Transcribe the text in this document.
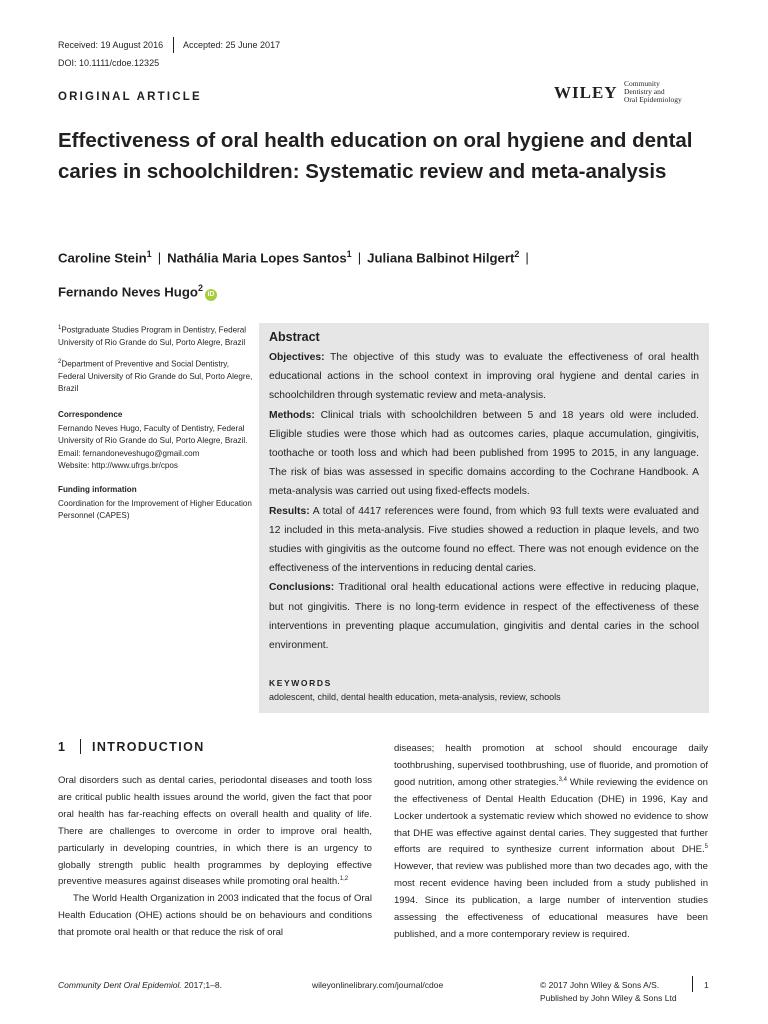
Received: 19 August 2016 Accepted: 25 June 2017
DOI: 10.1111/cdoe.12325
ORIGINAL ARTICLE	WILEY Community
Dentistry and
Oral Epidemiology
Effectiveness of oral health education on oral hygiene and dental caries in schoolchildren: Systematic review and meta-analysis
Caroline Stein$^1$ | Nathália Maria Lopes Santos$^1$ | Juliana Balbinot Hilgert$^2$ |
Fernando Neves Hugo$^2$iD

$^1$Postgraduate Studies Program in Dentistry, Federal University of Rio Grande do Sul, Porto Alegre, Brazil

$^2$Department of Preventive and Social Dentistry, Federal University of Rio Grande do Sul, Porto Alegre, Brazil

Correspondence
Fernando Neves Hugo, Faculty of Dentistry, Federal University of Rio Grande do Sul, Porto Alegre, Brazil.
Email: fernandoneveshugo@gmail.com
Website: http://www.ufrgs.br/cpos

Funding information
Coordination for the Improvement of Higher Education Personnel (CAPES)

Abstract

Objectives: The objective of this study was to evaluate the effectiveness of oral health educational actions in the school context in improving oral hygiene and dental caries in schoolchildren through systematic review and meta-analysis.

Methods: Clinical trials with schoolchildren between 5 and 18 years old were included. Eligible studies were those which had as outcomes caries, plaque accumulation, gingivitis, toothache or tooth loss and which had been published from 1995 to 2015, in any language. The risk of bias was assessed in specific domains according to the Cochrane Handbook. A meta-analysis was carried out using fixed-effects models.

Results: A total of 4417 references were found, from which 93 full texts were evaluated and 12 included in this meta-analysis. Five studies showed a reduction in plaque levels, and two studies with gingivitis as the outcome found no effect. There was not enough evidence on the effectiveness of the interventions in reducing dental caries.

Conclusions: Traditional oral health educational actions were effective in reducing plaque, but not gingivitis. There is no long-term evidence in respect of the effectiveness of these interventions in preventing plaque accumulation, gingivitis and dental caries in the school environment.

KEYWORDS
adolescent, child, dental health education, meta-analysis, review, schools
1 INTRODUCTION

Oral disorders such as dental caries, periodontal diseases and tooth loss are critical public health issues around the world, given the fact that poor oral health has far-reaching effects on overall health and quality of life. There are challenges to overcome in order to improve oral health, particularly in developing countries, in which there is an urgency to globally strength public health programmes by deploying effective preventive measures against diseases while promoting oral health.$^{1,2}$

The World Health Organization in 2003 indicated that the focus of Oral Health Education (OHE) actions should be on behaviours and conditions that promote oral health or that reduce the risk of oral

diseases; health promotion at school should encourage daily toothbrushing, supervised toothbrushing, use of fluoride, and promotion of good nutrition, among other strategies.$^{3,4}$ While reviewing the evidence on the effectiveness of Dental Health Education (DHE) in 1996, Kay and Locker undertook a systematic review which showed no evidence to show that DHE was effective against dental caries. They suggested that further efforts are required to synthesize current information about DHE.$^5$ However, that review was published more than two decades ago, with the most recent evidence having been included from a study published in 1994. Since its publication, a large number of intervention studies assessing the effectiveness of educational measures have been published, and a more contemporary review is required.

Community Dent Oral Epidemiol. 2017;1–8.	wileyonlinelibrary.com/journal/cdoe	© 2017 John Wiley & Sons A/S.
Published by John Wiley & Sons Ltd
1
